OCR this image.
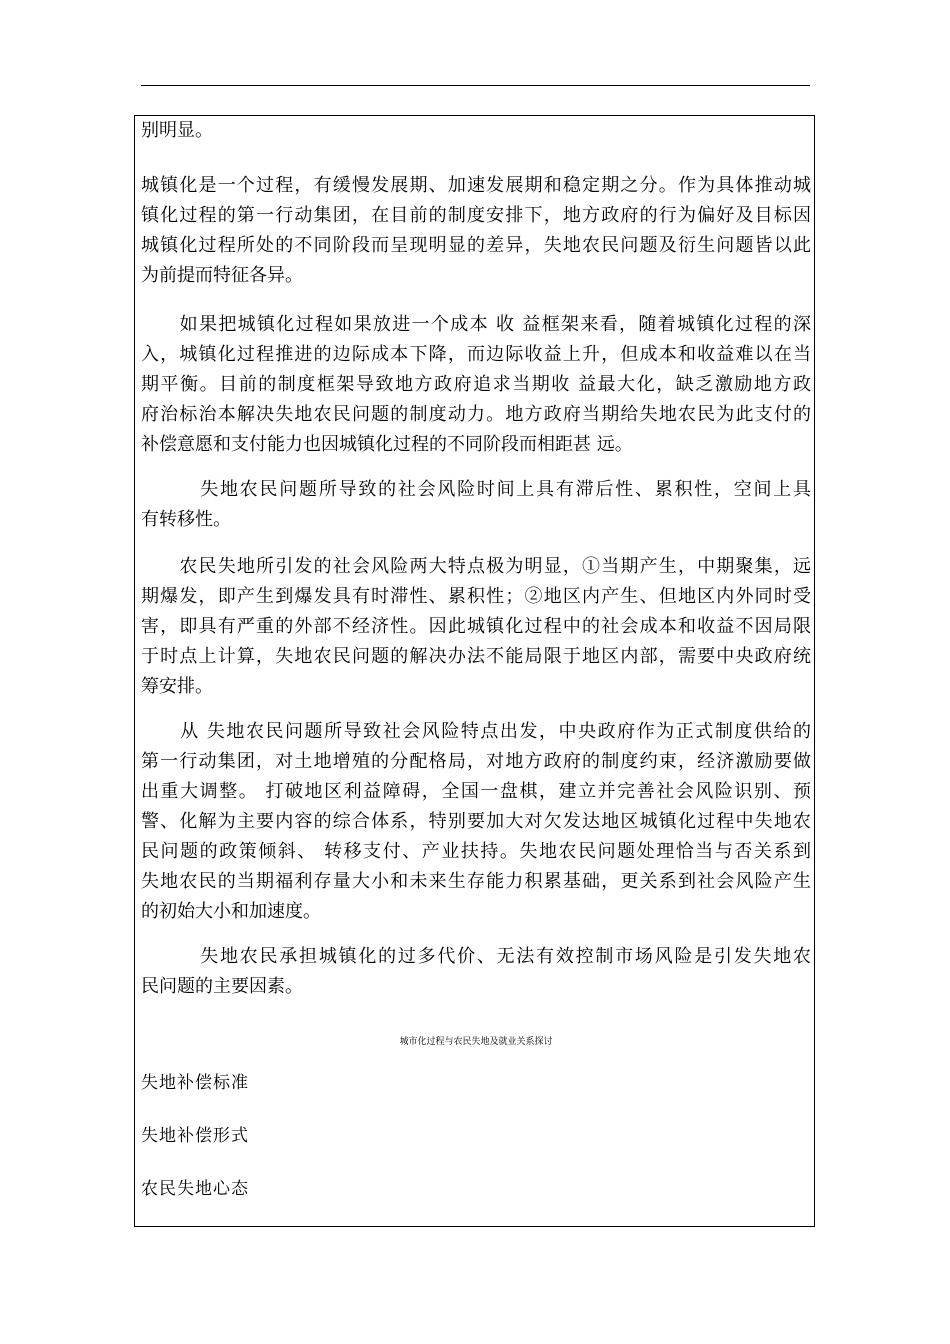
别明显。
城镇化是一个过程，有缓慢发展期、加速发展期和稳定期之分。作为具体推动城
镇化过程的第一行动集团，在目前的制度安排下，地方政府的行为偏好及目标因
城镇化过程所处的不同阶段而呈现明显的差异，失地农民问题及衍生问题皆以此
为前提而特征各异。
　　如果把城镇化过程如果放进一个成本 收 益框架来看，随着城镇化过程的深
入，城镇化过程推进的边际成本下降，而边际收益上升，但成本和收益难以在当
期平衡。目前的制度框架导致地方政府追求当期收 益最大化，缺乏激励地方政
府治标治本解决失地农民问题的制度动力。地方政府当期给失地农民为此支付的
补偿意愿和支付能力也因城镇化过程的不同阶段而相距甚 远。
　　　失地农民问题所导致的社会风险时间上具有滞后性、累积性，空间上具
有转移性。
　　农民失地所引发的社会风险两大特点极为明显，①当期产生，中期聚集，远
期爆发，即产生到爆发具有时滞性、累积性；②地区内产生、但地区内外同时受
害，即具有严重的外部不经济性。因此城镇化过程中的社会成本和收益不因局限
于时点上计算，失地农民问题的解决办法不能局限于地区内部，需要中央政府统
筹安排。
　　从 失地农民问题所导致社会风险特点出发，中央政府作为正式制度供给的
第一行动集团，对土地增殖的分配格局，对地方政府的制度约束，经济激励要做
出重大调整。 打破地区利益障碍，全国一盘棋，建立并完善社会风险识别、预
警、化解为主要内容的综合体系，特别要加大对欠发达地区城镇化过程中失地农
民问题的政策倾斜、 转移支付、产业扶持。失地农民问题处理恰当与否关系到
失地农民的当期福利存量大小和未来生存能力积累基础，更关系到社会风险产生
的初始大小和加速度。
　　　失地农民承担城镇化的过多代价、无法有效控制市场风险是引发失地农
民问题的主要因素。
城市化过程与农民失地及就业关系探讨
失地补偿标准
失地补偿形式
农民失地心态
